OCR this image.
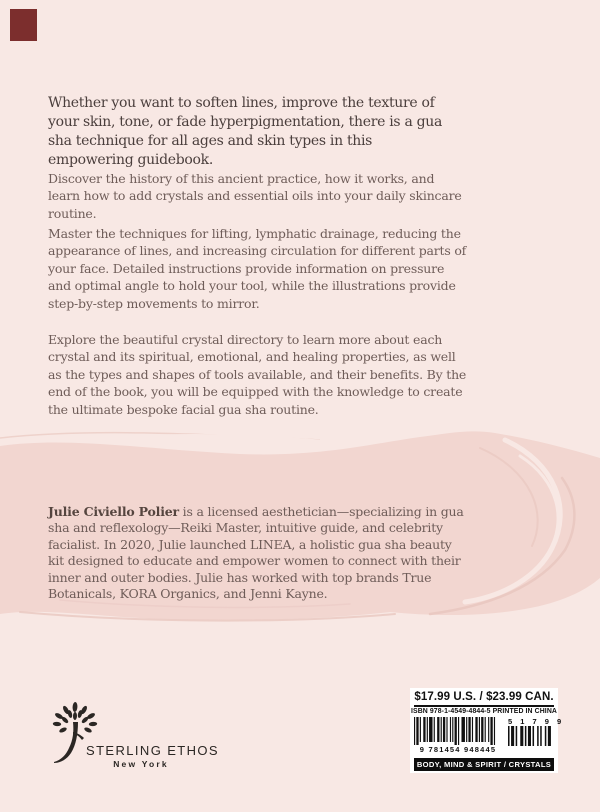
Whether you want to soften lines, improve the texture of your skin, tone, or fade hyperpigmentation, there is a gua sha technique for all ages and skin types in this empowering guidebook.

Discover the history of this ancient practice, how it works, and learn how to add crystals and essential oils into your daily skincare routine.

Master the techniques for lifting, lymphatic drainage, reducing the appearance of lines, and increasing circulation for different parts of your face. Detailed instructions provide information on pressure and optimal angle to hold your tool, while the illustrations provide step-by-step movements to mirror.

Explore the beautiful crystal directory to learn more about each crystal and its spiritual, emotional, and healing properties, as well as the types and shapes of tools available, and their benefits. By the end of the book, you will be equipped with the knowledge to create the ultimate bespoke facial gua sha routine.

Julie Civiello Polier is a licensed aesthetician—specializing in gua sha and reflexology—Reiki Master, intuitive guide, and celebrity facialist. In 2020, Julie launched LINEA, a holistic gua sha beauty kit designed to educate and empower women to connect with their inner and outer bodies. Julie has worked with top brands True Botanicals, KORA Organics, and Jenni Kayne.

STERLING ETHOS
New York
$17.99 U.S. / $23.99 CAN.
ISBN 978-1-4549-4844-5 PRINTED IN CHINA
9 781454 948445
5 1 7 9 9
BODY, MIND & SPIRIT / CRYSTALS
